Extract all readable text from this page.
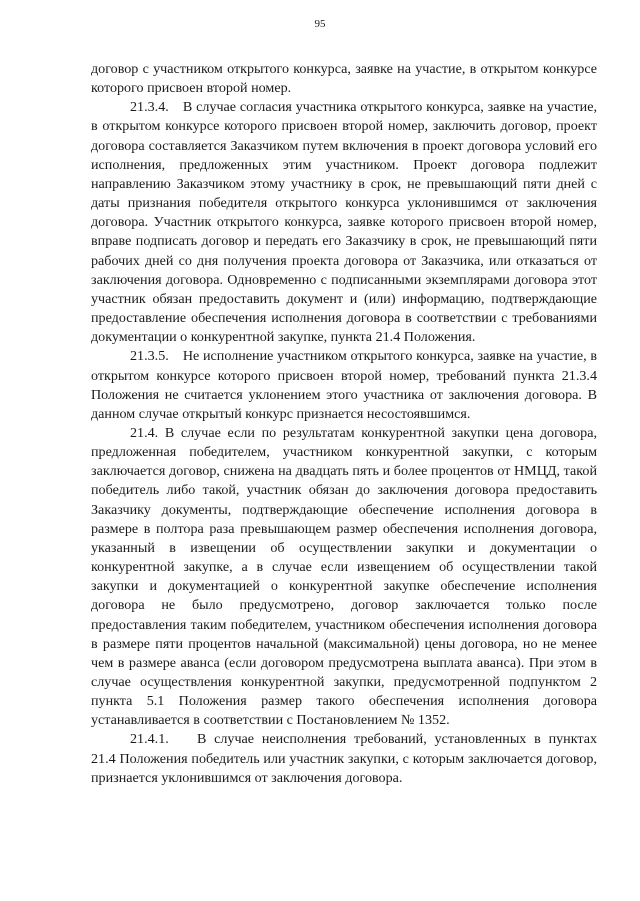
95

договор с участником открытого конкурса, заявке на участие, в открытом конкурсе которого присвоен второй номер.

21.3.4. В случае согласия участника открытого конкурса, заявке на участие, в открытом конкурсе которого присвоен второй номер, заключить договор, проект договора составляется Заказчиком путем включения в проект договора условий его исполнения, предложенных этим участником. Проект договора подлежит направлению Заказчиком этому участнику в срок, не превышающий пяти дней с даты признания победителя открытого конкурса уклонившимся от заключения договора. Участник открытого конкурса, заявке которого присвоен второй номер, вправе подписать договор и передать его Заказчику в срок, не превышающий пяти рабочих дней со дня получения проекта договора от Заказчика, или отказаться от заключения договора. Одновременно с подписанными экземплярами договора этот участник обязан предоставить документ и (или) информацию, подтверждающие предоставление обеспечения исполнения договора в соответствии с требованиями документации о конкурентной закупке, пункта 21.4 Положения.

21.3.5. Не исполнение участником открытого конкурса, заявке на участие, в открытом конкурсе которого присвоен второй номер, требований пункта 21.3.4 Положения не считается уклонением этого участника от заключения договора. В данном случае открытый конкурс признается несостоявшимся.

21.4. В случае если по результатам конкурентной закупки цена договора, предложенная победителем, участником конкурентной закупки, с которым заключается договор, снижена на двадцать пять и более процентов от НМЦД, такой победитель либо такой, участник обязан до заключения договора предоставить Заказчику документы, подтверждающие обеспечение исполнения договора в размере в полтора раза превышающем размер обеспечения исполнения договора, указанный в извещении об осуществлении закупки и документации о конкурентной закупке, а в случае если извещением об осуществлении такой закупки и документацией о конкурентной закупке обеспечение исполнения договора не было предусмотрено, договор заключается только после предоставления таким победителем, участником обеспечения исполнения договора в размере пяти процентов начальной (максимальной) цены договора, но не менее чем в размере аванса (если договором предусмотрена выплата аванса). При этом в случае осуществления конкурентной закупки, предусмотренной подпунктом 2 пункта 5.1 Положения размер такого обеспечения исполнения договора устанавливается в соответствии с Постановлением № 1352.

21.4.1.  В случае неисполнения требований, установленных в пунктах 21.4 Положения победитель или участник закупки, с которым заключается договор, признается уклонившимся от заключения договора.
